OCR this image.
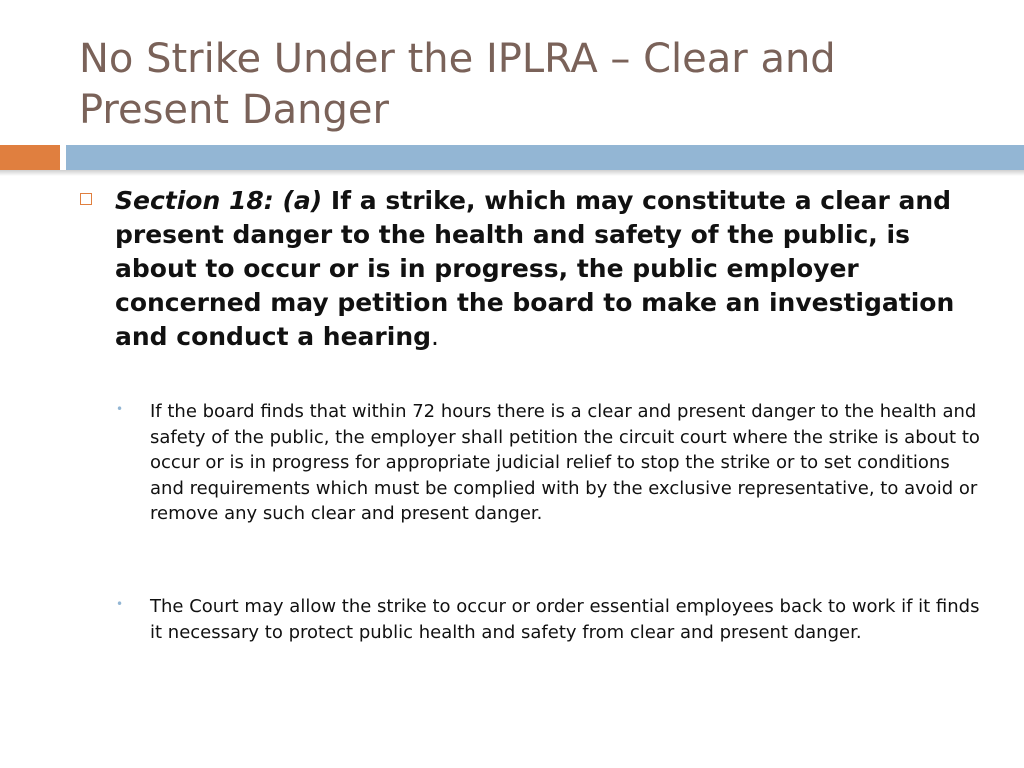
No Strike Under the IPLRA – Clear and Present Danger

Section 18: (a) If a strike, which may constitute a clear and present danger to the health and safety of the public, is about to occur or is in progress, the public employer concerned may petition the board to make an investigation and conduct a hearing.

• If the board finds that within 72 hours there is a clear and present danger to the health and safety of the public, the employer shall petition the circuit court where the strike is about to occur or is in progress for appropriate judicial relief to stop the strike or to set conditions and requirements which must be complied with by the exclusive representative, to avoid or remove any such clear and present danger.

• The Court may allow the strike to occur or order essential employees back to work if it finds it necessary to protect public health and safety from clear and present danger.
